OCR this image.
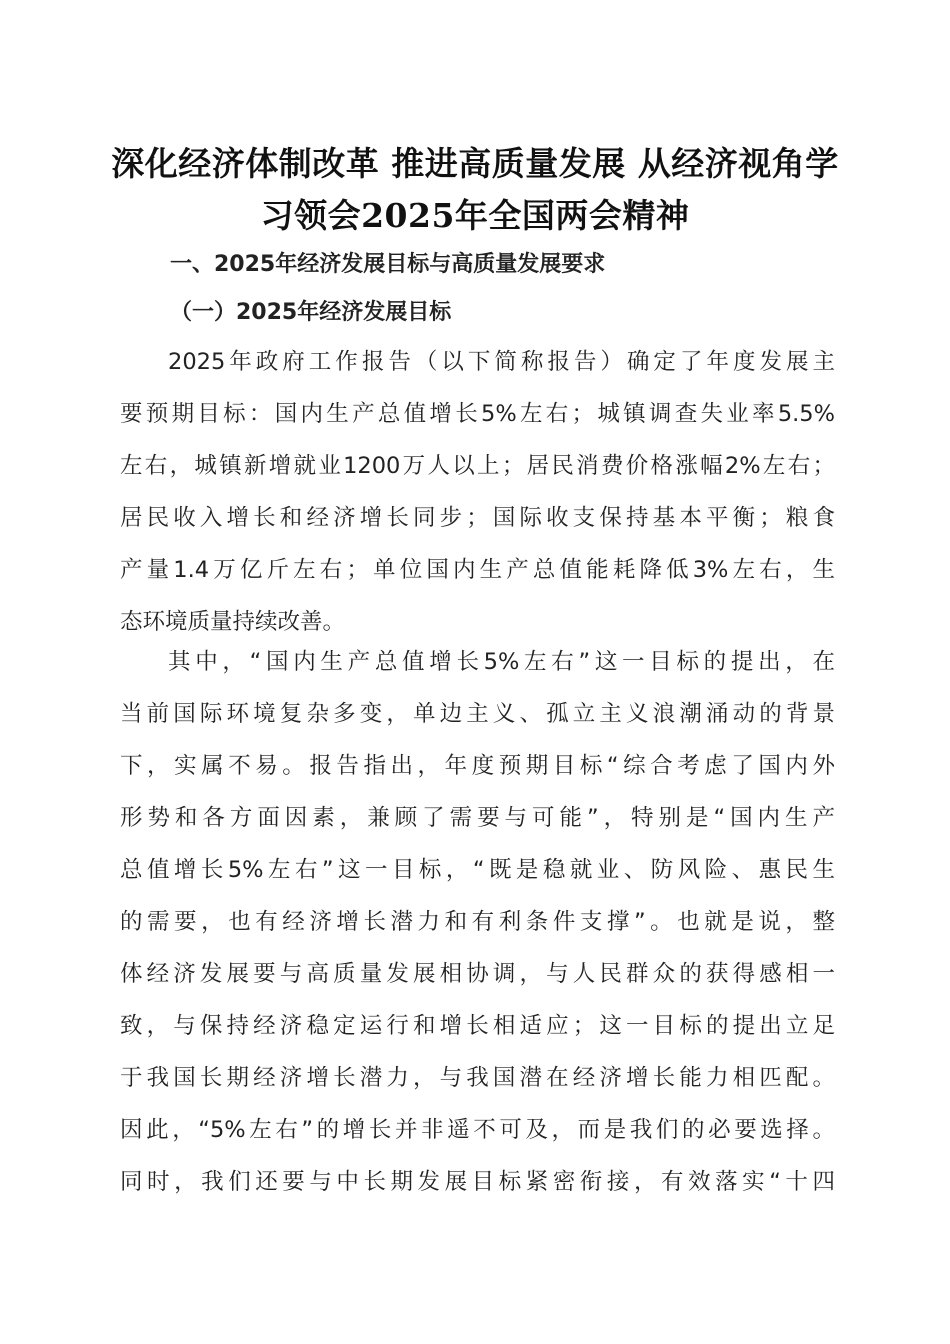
深化经济体制改革 推进高质量发展 从经济视角学
习领会2025年全国两会精神
一、2025年经济发展目标与高质量发展要求
（一）2025年经济发展目标
2025年政府工作报告（以下简称报告）确定了年度发展主
要预期目标：国内生产总值增长5%左右；城镇调查失业率5.5%
左右，城镇新增就业1200万人以上；居民消费价格涨幅2%左右；
居民收入增长和经济增长同步；国际收支保持基本平衡；粮食
产量1.4万亿斤左右；单位国内生产总值能耗降低3%左右，生
态环境质量持续改善。
其中，“国内生产总值增长5%左右”这一目标的提出，在
当前国际环境复杂多变，单边主义、孤立主义浪潮涌动的背景
下，实属不易。报告指出，年度预期目标“综合考虑了国内外
形势和各方面因素，兼顾了需要与可能”，特别是“国内生产
总值增长5%左右”这一目标，“既是稳就业、防风险、惠民生
的需要，也有经济增长潜力和有利条件支撑”。也就是说，整
体经济发展要与高质量发展相协调，与人民群众的获得感相一
致，与保持经济稳定运行和增长相适应；这一目标的提出立足
于我国长期经济增长潜力，与我国潜在经济增长能力相匹配。
因此，“5%左右”的增长并非遥不可及，而是我们的必要选择。
同时，我们还要与中长期发展目标紧密衔接，有效落实“十四
